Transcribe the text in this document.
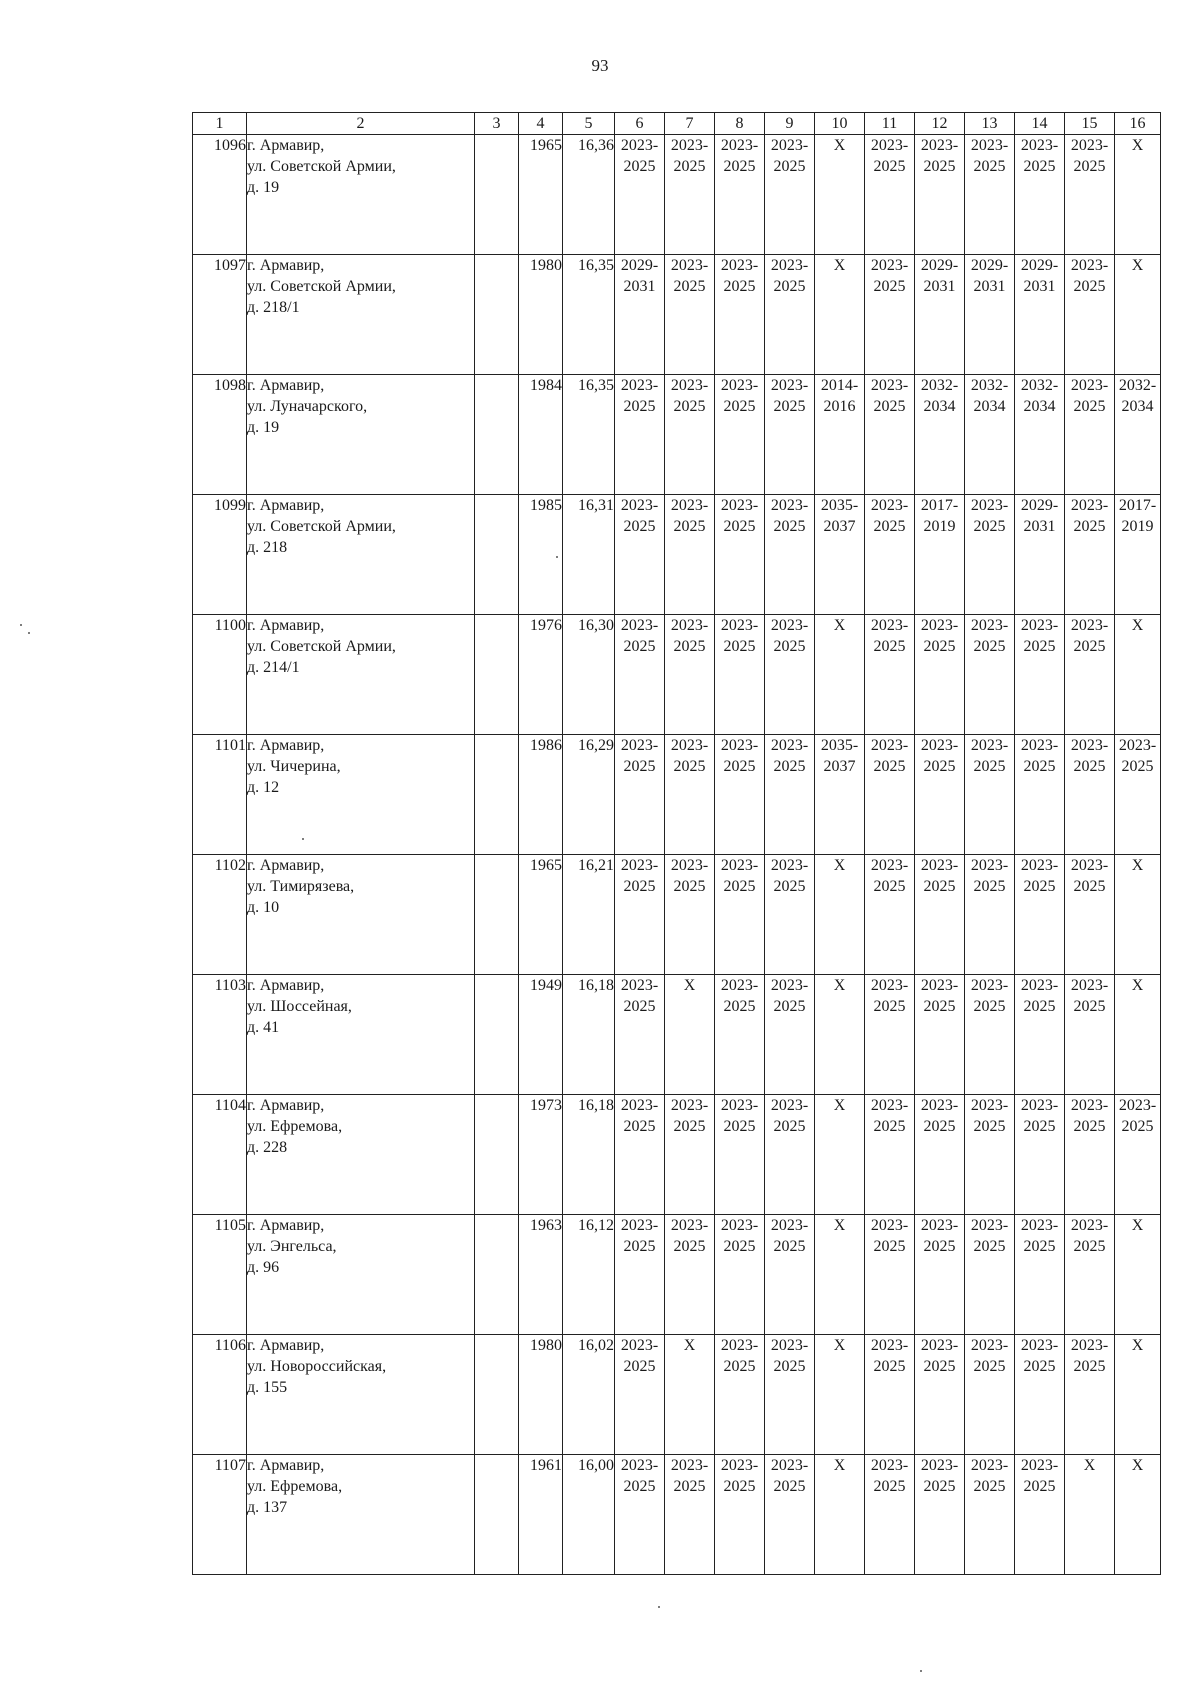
93
1	2	3	4	5	6	7	8	9	10	11	12	13	14	15	16
1096	г. Армавир,
ул. Советской Армии,
д. 19		1965	16,36	2023-
2025	2023-
2025	2023-
2025	2023-
2025	X	2023-
2025	2023-
2025	2023-
2025	2023-
2025	2023-
2025	X
1097	г. Армавир,
ул. Советской Армии,
д. 218/1		1980	16,35	2029-
2031	2023-
2025	2023-
2025	2023-
2025	X	2023-
2025	2029-
2031	2029-
2031	2029-
2031	2023-
2025	X
1098	г. Армавир,
ул. Луначарского,
д. 19		1984	16,35	2023-
2025	2023-
2025	2023-
2025	2023-
2025	2014-
2016	2023-
2025	2032-
2034	2032-
2034	2032-
2034	2023-
2025	2032-
2034

1099	г. Армавир,
ул. Советской Армии,
д. 218		1985	16,31	2023-
2025	2023-
2025	2023-
2025	2023-
2025	2035-
2037	2023-
2025	2017-
2019	2023-
2025	2029-
2031	2023-
2025	2017-
2019

1100	г. Армавир,
ул. Советской Армии,
д. 214/1		1976	16,30	2023-
2025	2023-
2025	2023-
2025	2023-
2025	X	2023-
2025	2023-
2025	2023-
2025	2023-
2025	2023-
2025	X
1101	г. Армавир,
ул. Чичерина,
д. 12		1986	16,29	2023-
2025	2023-
2025	2023-
2025	2023-
2025	2035-
2037	2023-
2025	2023-
2025	2023-
2025	2023-
2025	2023-
2025	2023-
2025

1102	г. Армавир,
ул. Тимирязева,
д. 10		1965	16,21	2023-
2025	2023-
2025	2023-
2025	2023-
2025	X	2023-
2025	2023-
2025	2023-
2025	2023-
2025	2023-
2025	X
1103	г. Армавир,
ул. Шоссейная,
д. 41		1949	16,18	2023-
2025	X	2023-
2025	2023-
2025	X	2023-
2025	2023-
2025	2023-
2025	2023-
2025	2023-
2025	X
1104	г. Армавир,
ул. Ефремова,
д. 228		1973	16,18	2023-
2025	2023-
2025	2023-
2025	2023-
2025	X	2023-
2025	2023-
2025	2023-
2025	2023-
2025	2023-
2025	2023-
2025

1105	г. Армавир,
ул. Энгельса,
д. 96		1963	16,12	2023-
2025	2023-
2025	2023-
2025	2023-
2025	X	2023-
2025	2023-
2025	2023-
2025	2023-
2025	2023-
2025	X
1106	г. Армавир,
ул. Новороссийская,
д. 155		1980	16,02	2023-
2025	X	2023-
2025	2023-
2025	X	2023-
2025	2023-
2025	2023-
2025	2023-
2025	2023-
2025	X
1107	г. Армавир,
ул. Ефремова,
д. 137		1961	16,00	2023-
2025	2023-
2025	2023-
2025	2023-
2025	X	2023-
2025	2023-
2025	2023-
2025	2023-
2025	X	X
